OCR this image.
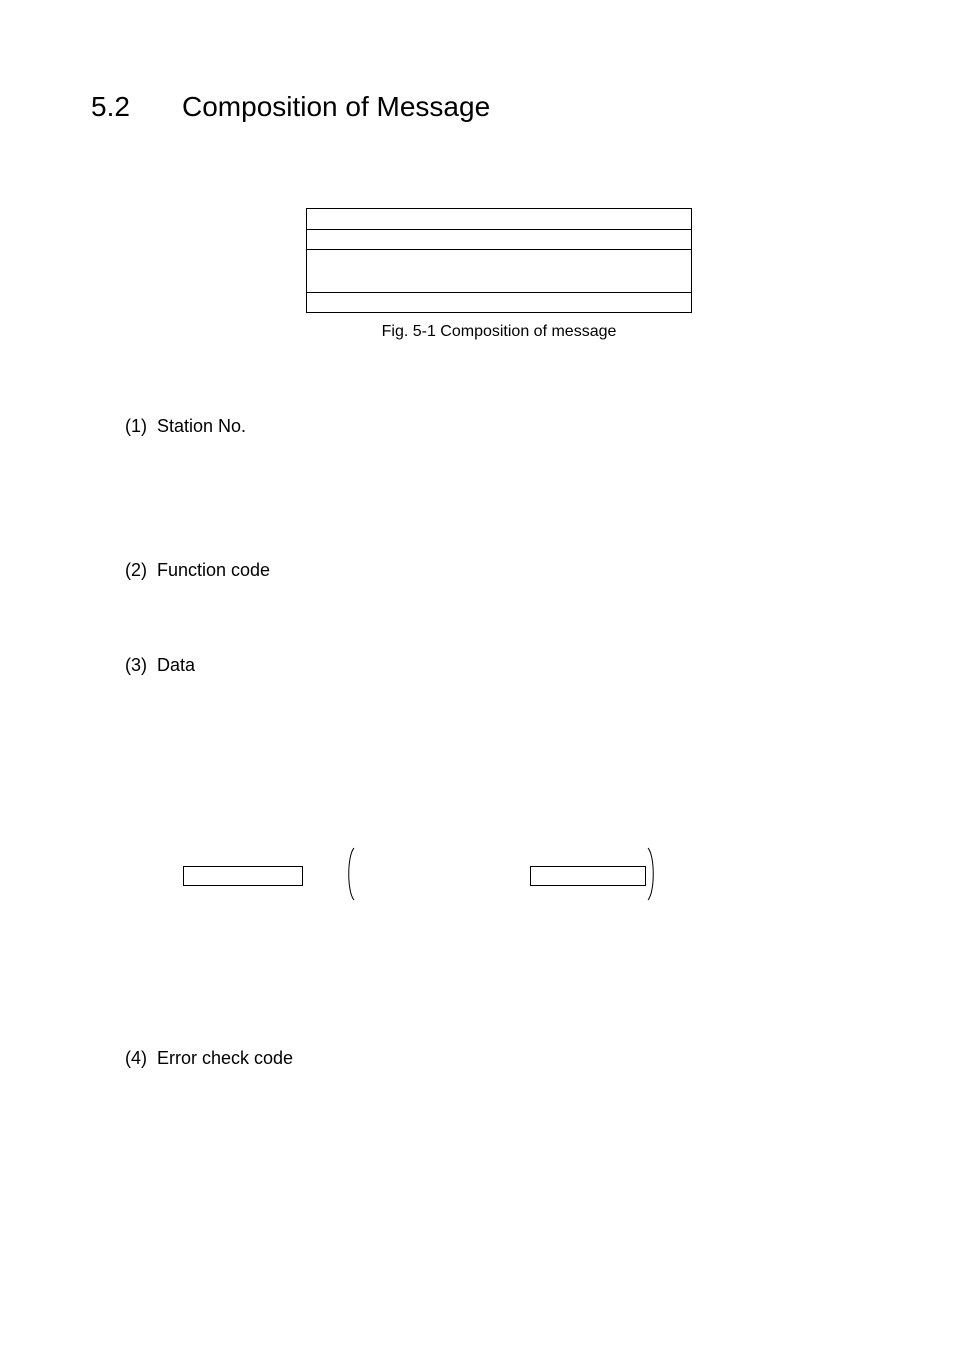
5.2 Composition of Message
Fig. 5-1 Composition of message
(1) Station No.
(2) Function code
(3) Data
(4) Error check code
